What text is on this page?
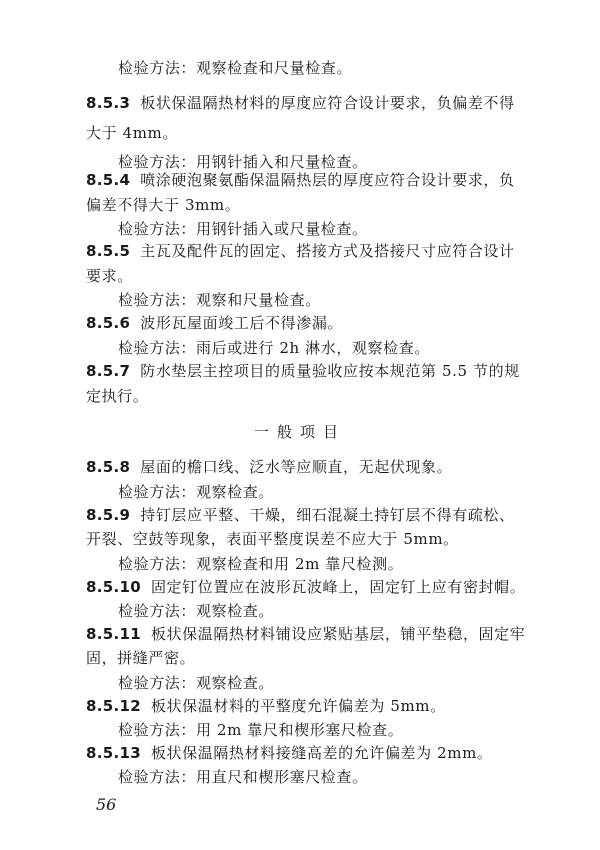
检验方法：观察检查和尺量检查。
8.5.3 板状保温隔热材料的厚度应符合设计要求，负偏差不得
大于 4mm。
检验方法：用钢针插入和尺量检查。
8.5.4 喷涂硬泡聚氨酯保温隔热层的厚度应符合设计要求，负
偏差不得大于 3mm。
检验方法：用钢针插入或尺量检查。
8.5.5 主瓦及配件瓦的固定、搭接方式及搭接尺寸应符合设计
要求。
检验方法：观察和尺量检查。
8.5.6 波形瓦屋面竣工后不得渗漏。
检验方法：雨后或进行 2h 淋水，观察检查。
8.5.7 防水垫层主控项目的质量验收应按本规范第 5.5 节的规
定执行。
一般项目
8.5.8 屋面的檐口线、泛水等应顺直，无起伏现象。
检验方法：观察检查。
8.5.9 持钉层应平整、干燥，细石混凝土持钉层不得有疏松、
开裂、空鼓等现象，表面平整度误差不应大于 5mm。
检验方法：观察检查和用 2m 靠尺检测。
8.5.10 固定钉位置应在波形瓦波峰上，固定钉上应有密封帽。
检验方法：观察检查。
8.5.11 板状保温隔热材料铺设应紧贴基层，铺平垫稳，固定牢
固，拼缝严密。
检验方法：观察检查。
8.5.12 板状保温材料的平整度允许偏差为 5mm。
检验方法：用 2m 靠尺和楔形塞尺检查。
8.5.13 板状保温隔热材料接缝高差的允许偏差为 2mm。
检验方法：用直尺和楔形塞尺检查。
56
